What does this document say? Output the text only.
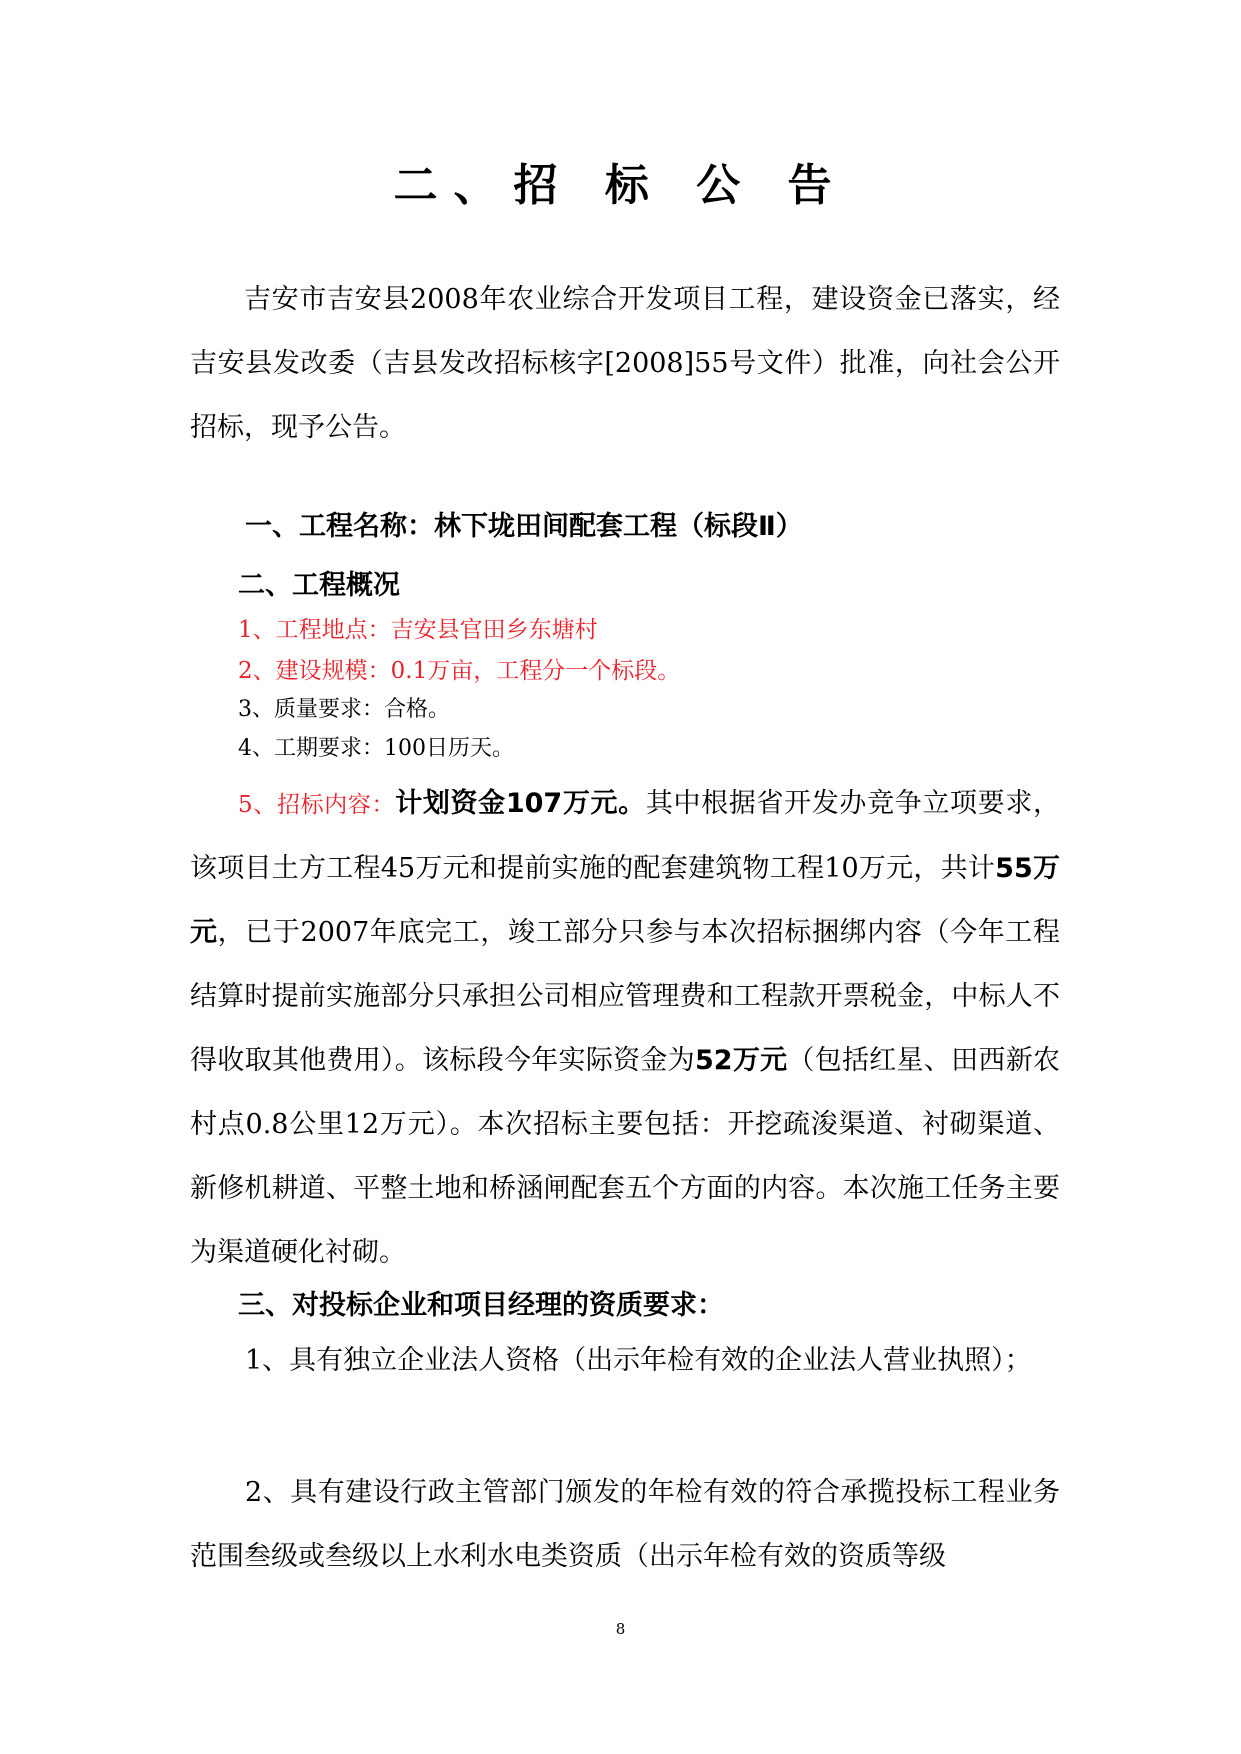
二、招 标 公 告
吉安市吉安县2008年农业综合开发项目工程，建设资金已落实，经吉安县发改委（吉县发改招标核字[2008]55号文件）批准，向社会公开招标，现予公告。
一、工程名称：林下垅田间配套工程（标段Ⅱ）
二、工程概况
1、工程地点：吉安县官田乡东塘村
2、建设规模：0.1万亩，工程分一个标段。
3、质量要求：合格。
4、工期要求：100日历天。
5、招标内容：计划资金107万元。其中根据省开发办竞争立项要求，该项目土方工程45万元和提前实施的配套建筑物工程10万元，共计55万元，已于2007年底完工，竣工部分只参与本次招标捆绑内容（今年工程结算时提前实施部分只承担公司相应管理费和工程款开票税金，中标人不得收取其他费用）。该标段今年实际资金为52万元（包括红星、田西新农村点0.8公里12万元）。本次招标主要包括：开挖疏浚渠道、衬砌渠道、新修机耕道、平整土地和桥涵闸配套五个方面的内容。本次施工任务主要为渠道硬化衬砌。
三、对投标企业和项目经理的资质要求：
1、具有独立企业法人资格（出示年检有效的企业法人营业执照）；
2、具有建设行政主管部门颁发的年检有效的符合承揽投标工程业务范围叁级或叁级以上水利水电类资质（出示年检有效的资质等级
8
